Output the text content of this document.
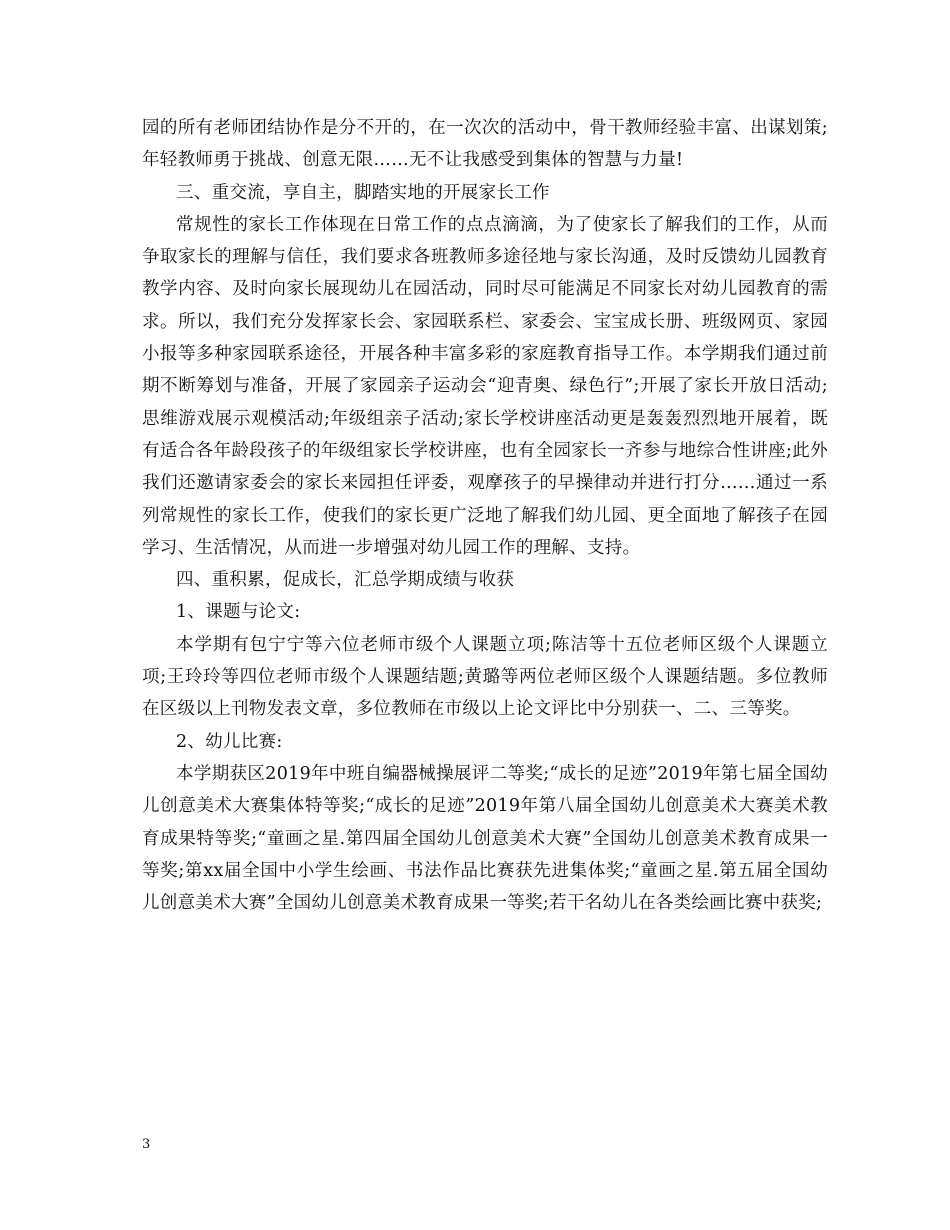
园的所有老师团结协作是分不开的，在一次次的活动中，骨干教师经验丰富、出谋划策;年轻教师勇于挑战、创意无限……无不让我感受到集体的智慧与力量!

三、重交流，享自主，脚踏实地的开展家长工作

常规性的家长工作体现在日常工作的点点滴滴，为了使家长了解我们的工作，从而争取家长的理解与信任，我们要求各班教师多途径地与家长沟通，及时反馈幼儿园教育教学内容、及时向家长展现幼儿在园活动，同时尽可能满足不同家长对幼儿园教育的需求。所以，我们充分发挥家长会、家园联系栏、家委会、宝宝成长册、班级网页、家园小报等多种家园联系途径，开展各种丰富多彩的家庭教育指导工作。本学期我们通过前期不断筹划与准备，开展了家园亲子运动会“迎青奥、绿色行”;开展了家长开放日活动;思维游戏展示观模活动;年级组亲子活动;家长学校讲座活动更是轰轰烈烈地开展着，既有适合各年龄段孩子的年级组家长学校讲座，也有全园家长一齐参与地综合性讲座;此外我们还邀请家委会的家长来园担任评委，观摩孩子的早操律动并进行打分……通过一系列常规性的家长工作，使我们的家长更广泛地了解我们幼儿园、更全面地了解孩子在园学习、生活情况，从而进一步增强对幼儿园工作的理解、支持。

四、重积累，促成长，汇总学期成绩与收获

1、课题与论文:

本学期有包宁宁等六位老师市级个人课题立项;陈洁等十五位老师区级个人课题立项;王玲玲等四位老师市级个人课题结题;黄璐等两位老师区级个人课题结题。多位教师在区级以上刊物发表文章，多位教师在市级以上论文评比中分别获一、二、三等奖。

2、幼儿比赛:

本学期获区2019年中班自编器械操展评二等奖;“成长的足迹”2019年第七届全国幼儿创意美术大赛集体特等奖;“成长的足迹”2019年第八届全国幼儿创意美术大赛美术教育成果特等奖;“童画之星.第四届全国幼儿创意美术大赛”全国幼儿创意美术教育成果一等奖;第xx届全国中小学生绘画、书法作品比赛获先进集体奖;“童画之星.第五届全国幼儿创意美术大赛”全国幼儿创意美术教育成果一等奖;若干名幼儿在各类绘画比赛中获奖;

3
